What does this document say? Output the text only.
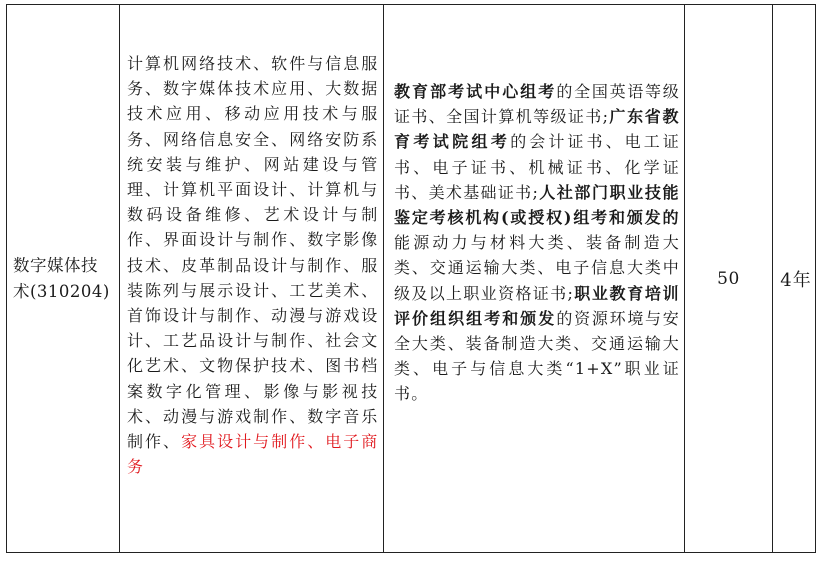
数字媒体技术(310204)
计算机网络技术、软件与信息服务、数字媒体技术应用、大数据技术应用、移动应用技术与服务、网络信息安全、网络安防系统安装与维护、网站建设与管理、计算机平面设计、计算机与数码设备维修、艺术设计与制作、界面设计与制作、数字影像技术、皮革制品设计与制作、服装陈列与展示设计、工艺美术、首饰设计与制作、动漫与游戏设计、工艺品设计与制作、社会文化艺术、文物保护技术、图书档案数字化管理、影像与影视技术、动漫与游戏制作、数字音乐制作、家具设计与制作、电子商务
教育部考试中心组考的全国英语等级证书、全国计算机等级证书;广东省教育考试院组考的会计证书、电工证书、电子证书、机械证书、化学证书、美术基础证书;人社部门职业技能鉴定考核机构(或授权)组考和颁发的能源动力与材料大类、装备制造大类、交通运输大类、电子信息大类中级及以上职业资格证书;职业教育培训评价组织组考和颁发的资源环境与安全大类、装备制造大类、交通运输大类、电子与信息大类“1+X”职业证书。
50 4年
